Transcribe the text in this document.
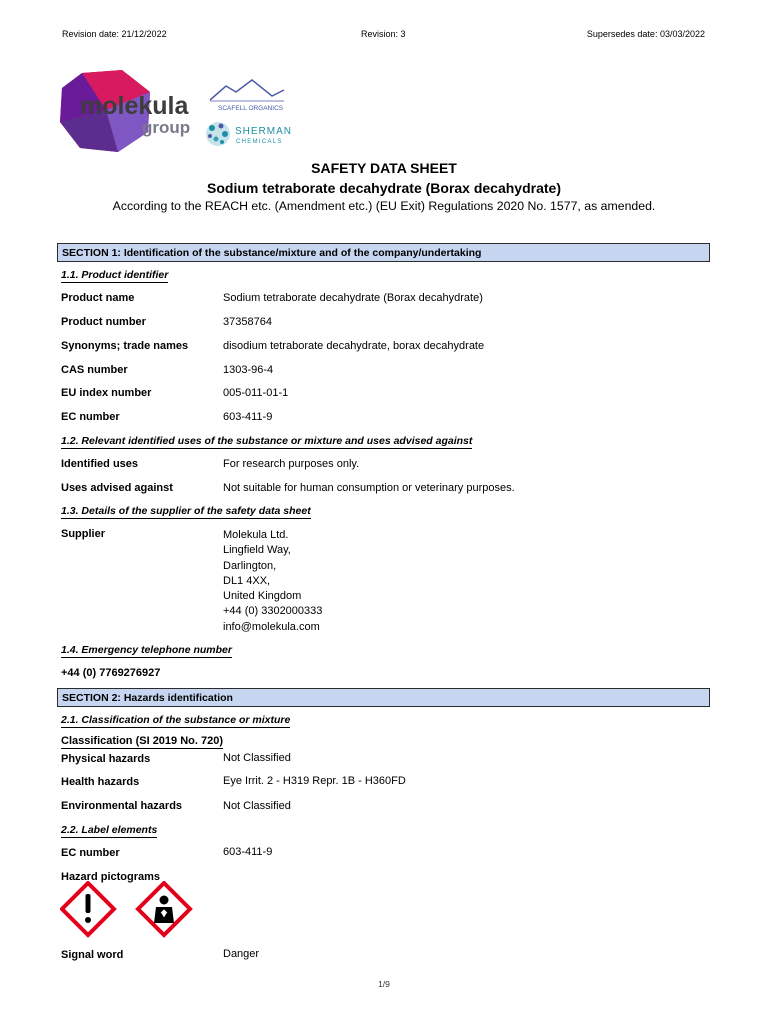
Revision date: 21/12/2022	Revision: 3	Supersedes date: 03/03/2022
molekula
group
SCAFELL ORGANICS
SHERMAN
CHEMICALS
SAFETY DATA SHEET
Sodium tetraborate decahydrate (Borax decahydrate)
According to the REACH etc. (Amendment etc.) (EU Exit) Regulations 2020 No. 1577, as amended.
SECTION 1: Identification of the substance/mixture and of the company/undertaking
1.1. Product identifier
Product name	Sodium tetraborate decahydrate (Borax decahydrate)
Product number	37358764
Synonyms; trade names	disodium tetraborate decahydrate, borax decahydrate
CAS number	1303-96-4
EU index number	005-011-01-1
EC number	603-411-9
1.2. Relevant identified uses of the substance or mixture and uses advised against
Identified uses	For research purposes only.
Uses advised against	Not suitable for human consumption or veterinary purposes.
1.3. Details of the supplier of the safety data sheet
Supplier	Molekula Ltd.
Lingfield Way,
Darlington,
DL1 4XX,
United Kingdom
+44 (0) 3302000333
info@molekula.com
1.4. Emergency telephone number
+44 (0) 7769276927
SECTION 2: Hazards identification
2.1. Classification of the substance or mixture
Classification (SI 2019 No. 720)
Physical hazards	Not Classified
Health hazards	Eye Irrit. 2 - H319 Repr. 1B - H360FD
Environmental hazards	Not Classified
2.2. Label elements
EC number	603-411-9
Hazard pictograms
Signal word	Danger
1/9
